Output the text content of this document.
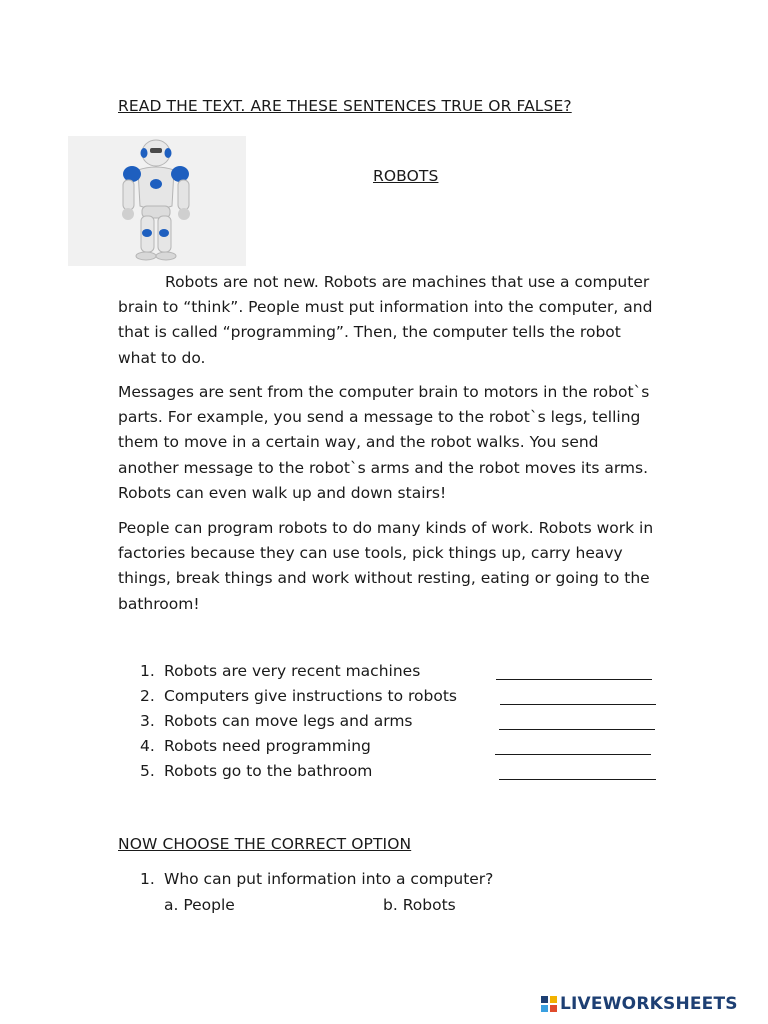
READ THE TEXT. ARE THESE SENTENCES TRUE OR FALSE?
ROBOTS

Robots are not new. Robots are machines that use a computer brain to “think”. People must put information into the computer, and that is called “programming”. Then, the computer tells the robot what to do.

Messages are sent from the computer brain to motors in the robot`s parts. For example, you send a message to the robot`s legs, telling them to move in a certain way, and the robot walks. You send another message to the robot`s arms and the robot moves its arms. Robots can even walk up and down stairs!

People can program robots to do many kinds of work. Robots work in factories because they can use tools, pick things up, carry heavy things, break things and work without resting, eating or going to the bathroom!

1. Robots are very recent machines
2. Computers give instructions to robots
3. Robots can move legs and arms
4. Robots need programming
5. Robots go to the bathroom
NOW CHOOSE THE CORRECT OPTION
1. Who can put information into a computer?
a. People	b. Robots
LIVEWORKSHEETS
